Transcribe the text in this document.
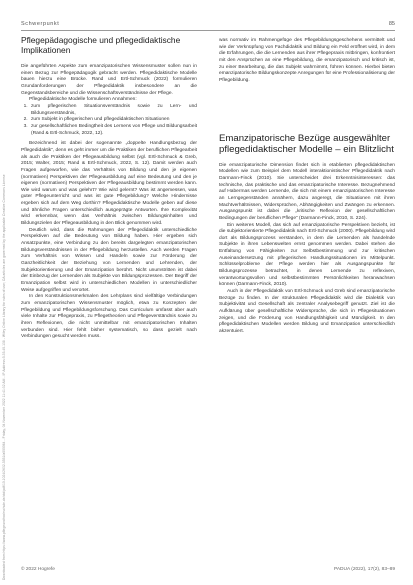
Downloaded from https://www.pflegeundhochschule.de/doi/pdf/10.1024/2632-5551/a000064 - Friday, 04 November 2022 11:41:32 AM - IP Address:5.35.40.138 - Wiley Online Library for rules of use; OA articles are governed by the applicable Creative Commons License
Schwerpunkt	85
Pflegepädagogische und pflegedidaktische Implikationen

Die angeführten Aspekte zum emanzipatorischen Wissensmuster sollen nun in einen Bezug zur Pflegepädagogik gebracht werden. Pflegedidaktische Modelle bauen hierzu eine Brücke. Rand und Ertl-Schmuck (2022) formulieren Grundanforderungen der Pflegedidaktik insbesondere an die Gegenstandsbereiche und die Wissenschaftsverständnisse der Pflege.

Pflegedidaktische Modelle formulieren Annahmen:

1. zum pflegerischen Situationsverständnis sowie zu Lern- und Bildungsverständnis,
2. zum Subjekt in pflegerischen und pflegedidaktischen Situationen
3. zur gesellschaftlichen Bedingtheit des Lernens von Pflege und Bildungsarbeit (Rand & Ertl-Schmuck, 2022, 12).

Bezeichnend ist dabei der sogenannte „doppelte Handlungsbezug der Pflegedidaktik“, denn es geht immer um die Praktiken der beruflichen Pflegearbeit als auch die Praktiken der Pflegeausbildung selbst (vgl. Ertl-Schmuck & Greb, 2015; Walter, 2015; Rand & Ertl-Schmuck, 2022, S. 12). Damit werden auch Fragen aufgeworfen, wie das Verhältnis von Bildung und den je eigenen (normativen) Perspektiven der Pflegeausbildung auf eine Bedeutung und den je eigenen (normativen) Perspektiven der Pflegeausbildung bestimmt werden kann. Wie wird warum und was gelehrt? Wie wird gelernt? Was ist angemessen, was guter Pflegeunterricht und was ist gute Pflegebildung? Welche Hindernisse ergeben sich auf dem Weg dorthin? Pflegedidaktische Modelle geben auf diese und ähnliche Fragen unterschiedlich ausgeprägte Antworten. Ihre Komplexität wird erkennbar, wenn das Verhältnis zwischen Bildungsinhalten und Bildungszielen der Pflegeausbildung in den Blick genommen wird.

Deutlich wird, dass die Rahmungen der Pflegedidaktik unterschiedliche Perspektiven auf die Bedeutung von Bildung haben. Hier ergeben sich Ansatzpunkte, eine Verbindung zu den bereits dargelegten emanzipatorischen Bildungsverständnissen in der Pflegebildung herzustellen. Auch werden Fragen zum Verhältnis von Wissen und Handeln sowie zur Förderung der Ganzheitlichkeit der Beziehung von Lernenden und Lehrenden, der Subjektorientierung und der Emanzipation berührt. Nicht unumstritten ist dabei der Einbezug der Lernenden als Subjekte von Bildungsprozessen. Der Begriff der Emanzipation selbst wird in unterschiedlichen Modellen in unterschiedlicher Weise aufgegriffen und verortet.

In den Konstruktionsmerkmalen des Lehrplans sind vielfältige Verbindungen zum emanzipatorischen Wissensmuster möglich, etwa zu Konzepten der Pflegebildung und Pflegebildungsforschung. Das Curriculum umfasst aber auch viele Inhalte zur Pflegepraxis, zu Pflegetheorien und Pflegeverständnis sowie zu ihren Reflexionen, die nicht unmittelbar mit emanzipatorischen Inhalten verbunden sind. Hier fehlt bisher systematisch, so dass gezielt nach Verbindungen gesucht werden muss.

was normativ im Rahmengefüge des Pflegebildungsgeschehens vermittelt und wie der Verknüpfung von Fachdidaktik und Bildung ein Feld eröffnet wird, in dem die Erfahrungen, die die Lernenden aus ihrer Pflegepraxis mitbringen, konfrontiert mit den Ansprüchen an eine Pflegebildung, die emanzipatorisch und kritisch ist, zu einer Bearbeitung, die das Subjekt wahrnimmt, führen können. Hierbei bieten emanzipatorische Bildungskonzepte Anregungen für eine Professionalisierung der Pflegebildung.

Emanzipatorische Bezüge ausgewählter pflegedidaktischer Modelle – ein Blitzlicht

Die emanzipatorische Dimension findet sich in etablierten pflegedidaktischen Modellen wie zum Beispiel dem Modell interaktionistischer Pflegedidaktik nach Darmann-Finck (2010). Sie unterscheidet drei Erkenntnisinteressen: das technische, das praktische und das emanzipatorische Interesse. Bezugnehmend auf Habermas werden Lernende, die sich mit einem emanzipatorischen Interesse an Lerngegenständen annähern, dazu angeregt, die Situationen mit ihren Machtverhältnissen, Widersprüchen, Abhängigkeiten und Zwängen zu erkennen. Ausgangspunkt ist dabei die „kritische Reflexion der gesellschaftlichen Bedingungen der beruflichen Pflege“ (Darmann-Finck, 2010, S. 224).

Ein weiteres Modell, das sich auf emanzipatorische Perspektiven bezieht, ist die subjektorientierte Pflegedidaktik nach Ertl-Schmuck (2000). Pflegebildung wird dort als Bildungsprozess verstanden, in dem die Lernenden als handelnde Subjekte in ihren Lebenswelten ernst genommen werden. Dabei stehen die Entfaltung von Fähigkeiten zur Selbstbestimmung und zur kritischen Auseinandersetzung mit pflegerischen Handlungssituationen im Mittelpunkt. Schlüsselprobleme der Pflege werden hier als Ausgangspunkte für Bildungsprozesse betrachtet, in denen Lernende zu reflexiven, verantwortungsvollen und selbstbestimmten Persönlichkeiten heranwachsen können (Darmann-Finck, 2010).

Auch in der Pflegedidaktik von Ertl-Schmuck und Greb sind emanzipatorische Bezüge zu finden. In der strukturalen Pflegedidaktik wird die Dialektik von Subjektivität und Gesellschaft als zentraler Analysebegriff genutzt. Ziel ist die Aufklärung über gesellschaftliche Widersprüche, die sich in Pflegesituationen zeigen, und die Förderung von Handlungsfähigkeit und Mündigkeit. In den pflegedidaktischen Modellen werden Bildung und Emanzipation unterschiedlich akzentuiert.

© 2022 Hogrefe	PADUA (2022), 17(2), 83–89
